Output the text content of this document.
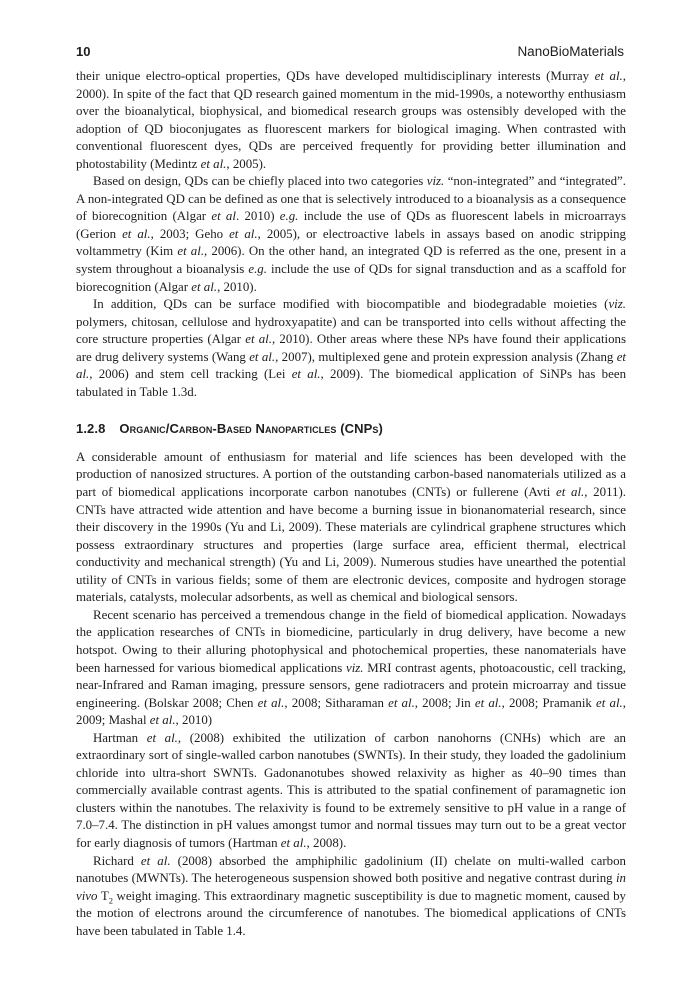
10	NanoBioMaterials

their unique electro-optical properties, QDs have developed multidisciplinary interests (Murray et al., 2000). In spite of the fact that QD research gained momentum in the mid-1990s, a noteworthy enthusiasm over the bioanalytical, biophysical, and biomedical research groups was ostensibly developed with the adoption of QD bioconjugates as fluorescent markers for biological imaging. When contrasted with conventional fluorescent dyes, QDs are perceived frequently for providing better illumination and photostability (Medintz et al., 2005).

Based on design, QDs can be chiefly placed into two categories viz. “non-integrated” and “integrated”. A non-integrated QD can be defined as one that is selectively introduced to a bioanalysis as a consequence of biorecognition (Algar et al. 2010) e.g. include the use of QDs as fluorescent labels in microarrays (Gerion et al., 2003; Geho et al., 2005), or electroactive labels in assays based on anodic stripping voltammetry (Kim et al., 2006). On the other hand, an integrated QD is referred as the one, present in a system throughout a bioanalysis e.g. include the use of QDs for signal transduction and as a scaffold for biorecognition (Algar et al., 2010).

In addition, QDs can be surface modified with biocompatible and biodegradable moieties (viz. polymers, chitosan, cellulose and hydroxyapatite) and can be transported into cells without affecting the core structure properties (Algar et al., 2010). Other areas where these NPs have found their applications are drug delivery systems (Wang et al., 2007), multiplexed gene and protein expression analysis (Zhang et al., 2006) and stem cell tracking (Lei et al., 2009). The biomedical application of SiNPs has been tabulated in Table 1.3d.

1.2.8 Organic/Carbon-Based Nanoparticles (CNPs)

A considerable amount of enthusiasm for material and life sciences has been developed with the production of nanosized structures. A portion of the outstanding carbon-based nanomaterials utilized as a part of biomedical applications incorporate carbon nanotubes (CNTs) or fullerene (Avti et al., 2011). CNTs have attracted wide attention and have become a burning issue in bionanomaterial research, since their discovery in the 1990s (Yu and Li, 2009). These materials are cylindrical graphene structures which possess extraordinary structures and properties (large surface area, efficient thermal, electrical conductivity and mechanical strength) (Yu and Li, 2009). Numerous studies have unearthed the potential utility of CNTs in various fields; some of them are electronic devices, composite and hydrogen storage materials, catalysts, molecular adsorbents, as well as chemical and biological sensors.

Recent scenario has perceived a tremendous change in the field of biomedical application. Nowadays the application researches of CNTs in biomedicine, particularly in drug delivery, have become a new hotspot. Owing to their alluring photophysical and photochemical properties, these nanomaterials have been harnessed for various biomedical applications viz. MRI contrast agents, photoacoustic, cell tracking, near-Infrared and Raman imaging, pressure sensors, gene radiotracers and protein microarray and tissue engineering. (Bolskar 2008; Chen et al., 2008; Sitharaman et al., 2008; Jin et al., 2008; Pramanik et al., 2009; Mashal et al., 2010)

Hartman et al., (2008) exhibited the utilization of carbon nanohorns (CNHs) which are an extraordinary sort of single-walled carbon nanotubes (SWNTs). In their study, they loaded the gadolinium chloride into ultra-short SWNTs. Gadonanotubes showed relaxivity as higher as 40–90 times than commercially available contrast agents. This is attributed to the spatial confinement of paramagnetic ion clusters within the nanotubes. The relaxivity is found to be extremely sensitive to pH value in a range of 7.0–7.4. The distinction in pH values amongst tumor and normal tissues may turn out to be a great vector for early diagnosis of tumors (Hartman et al., 2008).

Richard et al. (2008) absorbed the amphiphilic gadolinium (II) chelate on multi-walled carbon nanotubes (MWNTs). The heterogeneous suspension showed both positive and negative contrast during in vivo $T_2$ weight imaging. This extraordinary magnetic susceptibility is due to magnetic moment, caused by the motion of electrons around the circumference of nanotubes. The biomedical applications of CNTs have been tabulated in Table 1.4.
